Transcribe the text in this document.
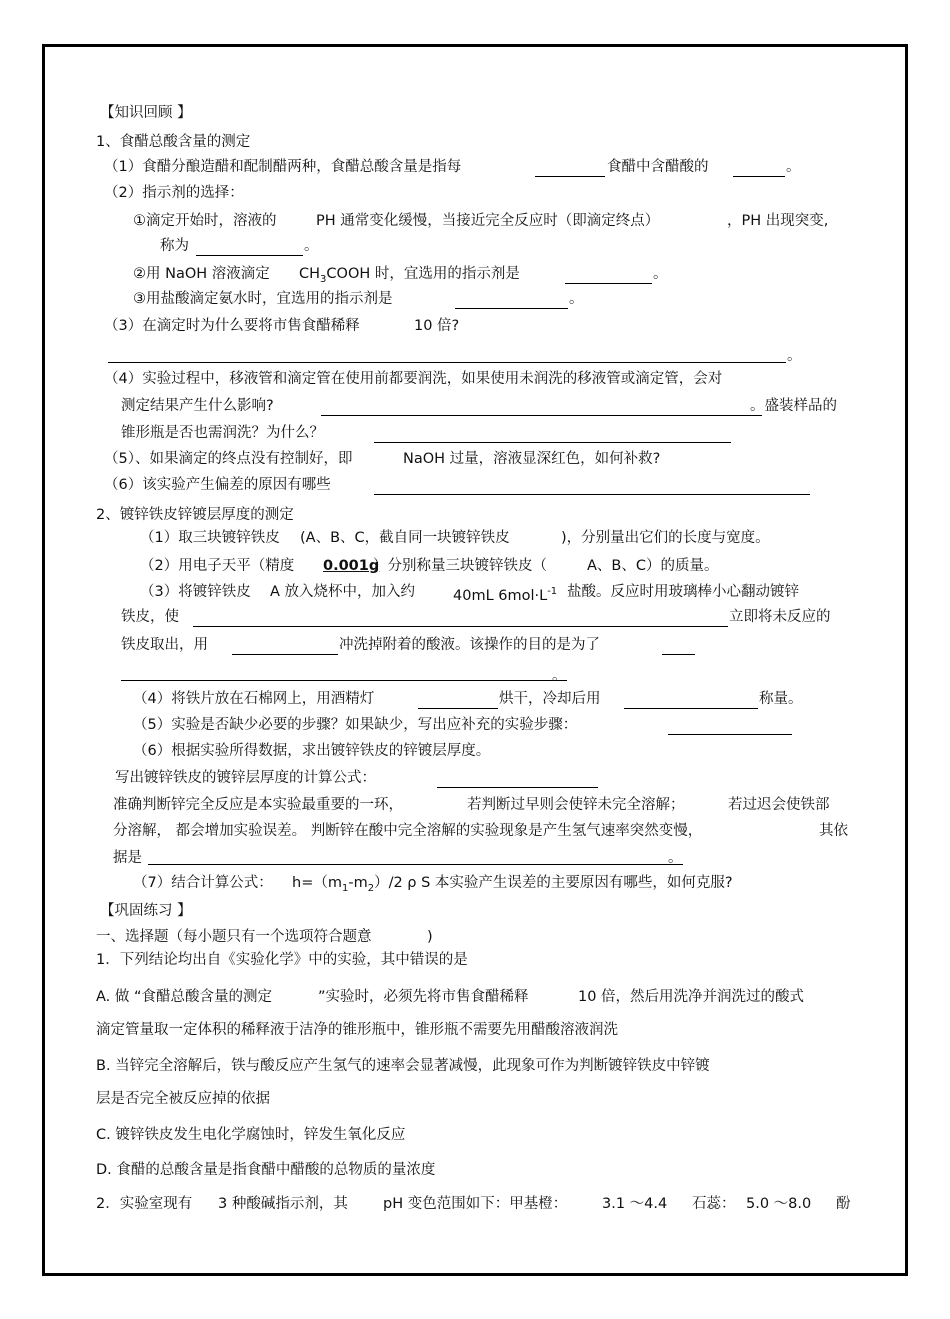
【知识回顾 】
1、食醋总酸含量的测定
（1）食醋分酿造醋和配制醋两种，食醋总酸含量是指每	食醋中含醋酸的	。
（2）指示剂的选择：
①滴定开始时，溶液的	PH 通常变化缓慢，当接近完全反应时（即滴定终点）	，PH 出现突变,
称为	。
②用 NaOH 溶液滴定 $CH_3COOH$ 时，宜选用的指示剂是	。
③用盐酸滴定氨水时，宜选用的指示剂是	。
（3）在滴定时为什么要将市售食醋稀释	10 倍?
。
（4）实验过程中，移液管和滴定管在使用前都要润洗，如果使用未润洗的移液管或滴定管，会对
测定结果产生什么影响?	。盛装样品的
锥形瓶是否也需润洗？为什么？
（5）、如果滴定的终点没有控制好，即	NaOH 过量，溶液显深红色，如何补救?
（6）该实验产生偏差的原因有哪些
2、镀锌铁皮锌镀层厚度的测定
（1）取三块镀锌铁皮 (A、B、C，截自同一块镀锌铁皮	)，分别量出它们的长度与宽度。
（2）用电子天平（精度 0.001g
）分别称量三块镀锌铁皮（	A、B、C）的质量。
（3）将镀锌铁皮 A 放入烧杯中，加入约	40mL $6mol\cdot L^{-1}$ 盐酸。反应时用玻璃棒小心翻动镀锌
铁皮，使	立即将未反应的
铁皮取出，用	冲洗掉附着的酸液。该操作的目的是为了
。
（4）将铁片放在石棉网上，用酒精灯	烘干，冷却后用	称量。
（5）实验是否缺少必要的步骤？如果缺少，写出应补充的实验步骤：
（6）根据实验所得数据，求出镀锌铁皮的锌镀层厚度。
写出镀锌铁皮的镀锌层厚度的计算公式：
准确判断锌完全反应是本实验最重要的一环，	若判断过早则会使锌未完全溶解；	若过迟会使铁部
分溶解， 都会增加实验误差。 判断锌在酸中完全溶解的实验现象是产生氢气速率突然变慢，	其依
据是	。
（7）结合计算公式： $h=(m_1-m_2)/2$ ρ S 本实验产生误差的主要原因有哪些，如何克服?
【巩固练习 】
一、选择题（每小题只有一个选项符合题意	)
1．下列结论均出自《实验化学》中的实验，其中错误的是
A. 做 “食醋总酸含量的测定	”实验时，必须先将市售食醋稀释	10 倍，然后用洗净并润洗过的酸式
滴定管量取一定体积的稀释液于洁净的锥形瓶中，锥形瓶不需要先用醋酸溶液润洗
B. 当锌完全溶解后，铁与酸反应产生氢气的速率会显著减慢，此现象可作为判断镀锌铁皮中锌镀
层是否完全被反应掉的依据
C. 镀锌铁皮发生电化学腐蚀时，锌发生氧化反应
D. 食醋的总酸含量是指食醋中醋酸的总物质的量浓度
2．实验室现有 3 种酸碱指示剂，其 pH 变色范围如下：甲基橙： 3.1 ～4.4 石蕊： 5.0 ～8.0 酚
